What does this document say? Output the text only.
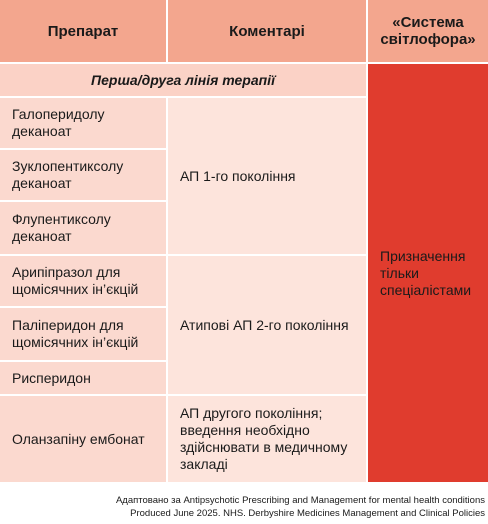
Препарат	Коментарі	«Система світлофора»
Перша/друга лінія терапії
Галоперидолу деканоат
Зуклопентиксолу деканоат
Флупентиксолу деканоат
Арипіпразол для щомісячних ін’єкцій
Паліперидон для щомісячних ін’єкцій
Рисперидон
Оланзапіну ембонат
АП 1-го покоління
Атипові АП 2-го покоління
АП другого покоління; введення необхідно здійснювати в медичному закладі
Призначення тільки спеціалістами
Адаптовано за Antipsychotic Prescribing and Management for mental health conditions
Produced June 2025. NHS. Derbyshire Medicines Management and Clinical Policies
